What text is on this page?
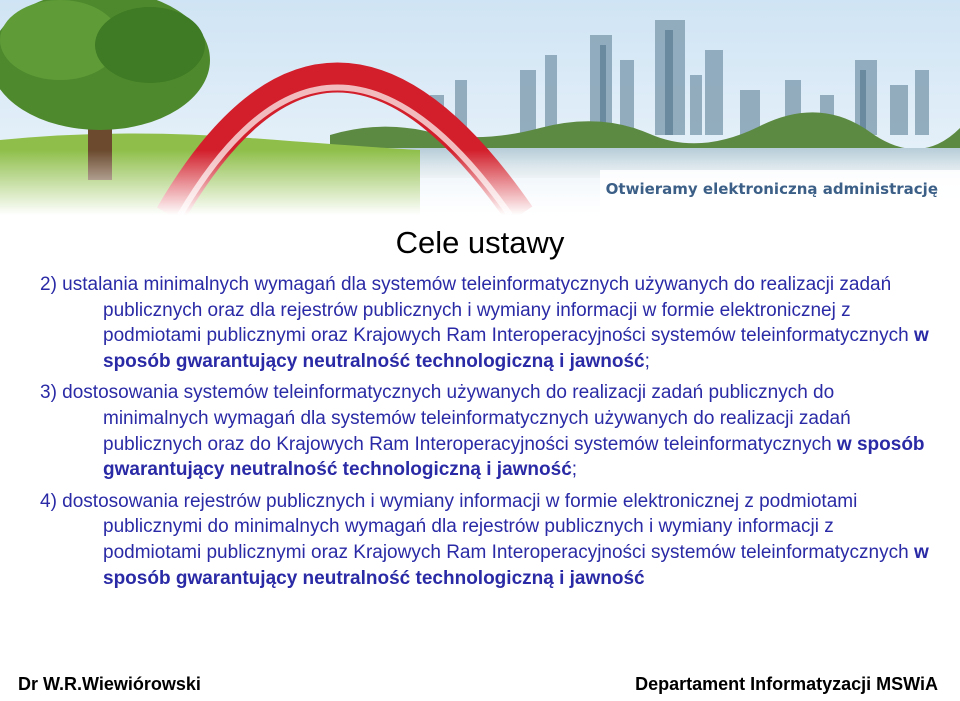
Otwieramy elektroniczną administrację
Cele ustawy

2) ustalania minimalnych wymagań dla systemów teleinformatycznych używanych do realizacji zadań publicznych oraz dla rejestrów publicznych i wymiany informacji w formie elektronicznej z podmiotami publicznymi oraz Krajowych Ram Interoperacyjności systemów teleinformatycznych w sposób gwarantujący neutralność technologiczną i jawność;

3) dostosowania systemów teleinformatycznych używanych do realizacji zadań publicznych do minimalnych wymagań dla systemów teleinformatycznych używanych do realizacji zadań publicznych oraz do Krajowych Ram Interoperacyjności systemów teleinformatycznych w sposób gwarantujący neutralność technologiczną i jawność;

4) dostosowania rejestrów publicznych i wymiany informacji w formie elektronicznej z podmiotami publicznymi do minimalnych wymagań dla rejestrów publicznych i wymiany informacji z podmiotami publicznymi oraz Krajowych Ram Interoperacyjności systemów teleinformatycznych w sposób gwarantujący neutralność technologiczną i jawność

Dr W.R.Wiewiórowski	Departament Informatyzacji MSWiA
